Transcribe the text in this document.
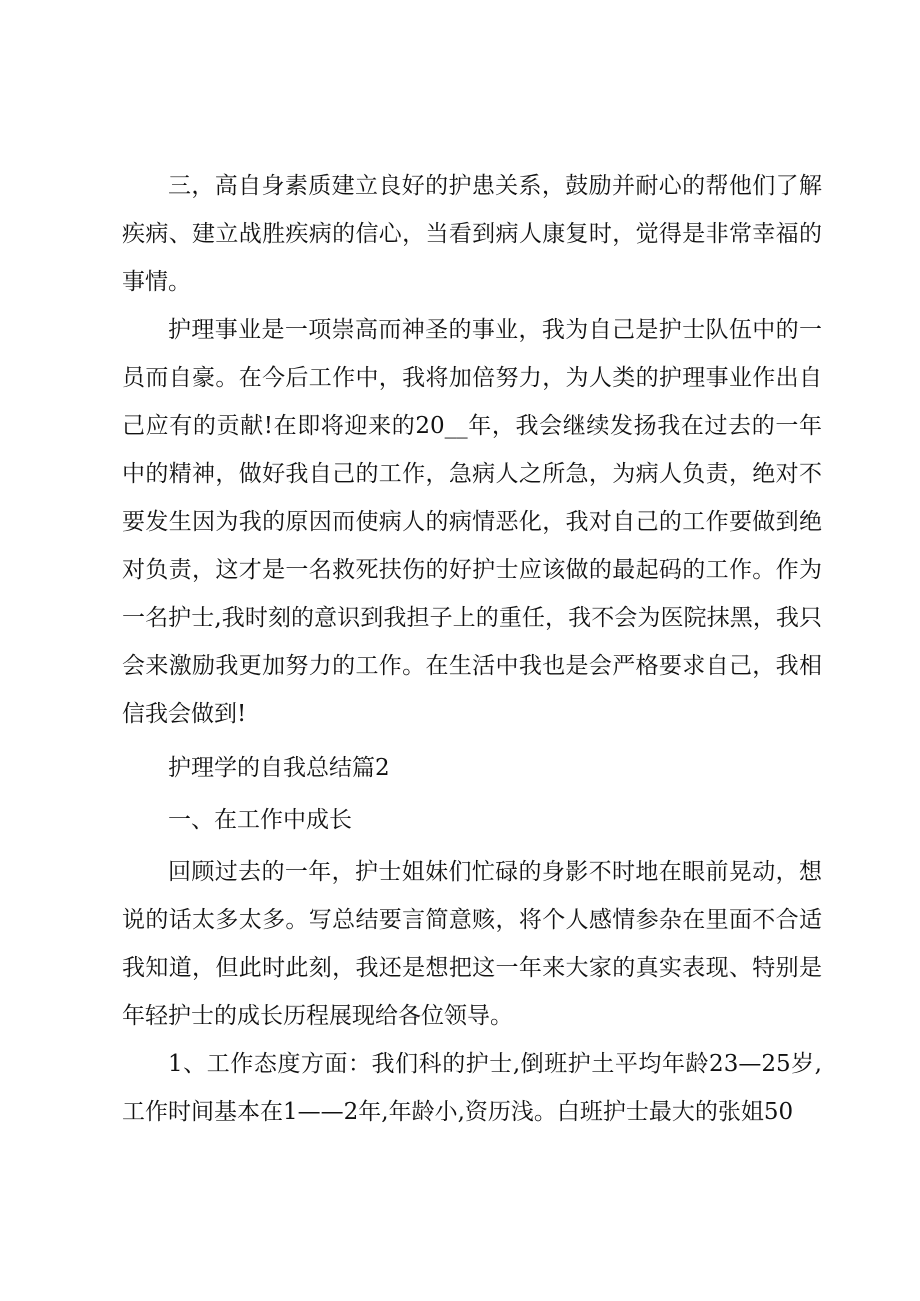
三，高自身素质建立良好的护患关系，鼓励并耐心的帮他们了解疾病、建立战胜疾病的信心，当看到病人康复时，觉得是非常幸福的事情。

护理事业是一项崇高而神圣的事业，我为自己是护士队伍中的一员而自豪。在今后工作中，我将加倍努力，为人类的护理事业作出自己应有的贡献!在即将迎来的20__年，我会继续发扬我在过去的一年中的精神，做好我自己的工作，急病人之所急，为病人负责，绝对不要发生因为我的原因而使病人的病情恶化，我对自己的工作要做到绝对负责，这才是一名救死扶伤的好护士应该做的最起码的工作。作为一名护士,我时刻的意识到我担子上的重任，我不会为医院抹黑，我只会来激励我更加努力的工作。在生活中我也是会严格要求自己，我相信我会做到!

护理学的自我总结篇2

一、在工作中成长

回顾过去的一年，护士姐妹们忙碌的身影不时地在眼前晃动，想说的话太多太多。写总结要言简意赅，将个人感情参杂在里面不合适我知道，但此时此刻，我还是想把这一年来大家的真实表现、特别是年轻护士的成长历程展现给各位领导。

1、工作态度方面：我们科的护士,倒班护土平均年龄23—25岁,工作时间基本在1——2年,年龄小,资历浅。白班护士最大的张姐50
